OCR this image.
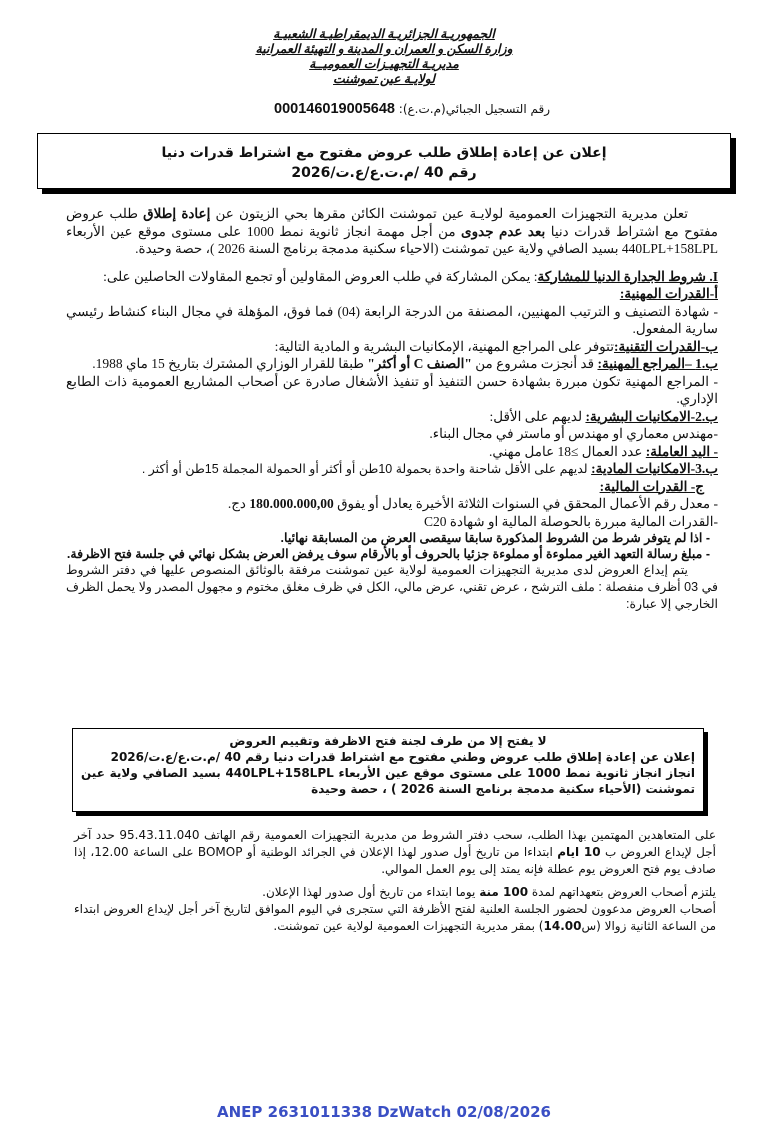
الجمهوريـة الجزائريـة الديمقراطيـة الشعبيـة
وزارة السكن و العمران و المدينة و التهيئة العمرانية
مديريـة التجهيـزات العموميــة
لولايـة عين تموشنت
رقم التسجيل الجبائي(م.ت.ع): 000146019005648
إعلان عن إعادة إطلاق طلب عروض مفتوح مع اشتراط قدرات دنيا
رقم 40 /م.ت.ع/ع.ت/2026

تعلن مديرية التجهيزات العمومية لولايـة عين تموشنت الكائن مقرها بحي الزيتون عن إعادة إطلاق طلب عروض مفتوح مع اشتراط قدرات دنيا بعد عدم جدوى من أجل مهمة انجاز ثانوية نمط 1000 على مستوى موقع عين الأربعاء 440LPL+158LPL بسيد الصافي ولاية عين تموشنت (الاحياء سكنية مدمجة برنامج السنة 2026 )، حصة وحيدة.

I. شروط الجدارة الدنيا للمشاركة: يمكن المشاركة في طلب العروض المقاولين أو تجمع المقاولات الحاصلين على:

أ-القدرات المهنية:

- شهادة التصنيف و الترتيب المهنيين، المصنفة من الدرجة الرابعة (04) فما فوق، المؤهلة في مجال البناء كنشاط رئيسي سارية المفعول.

ب-القدرات التقنية:تتوفر على المراجع المهنية، الإمكانيات البشرية و المادية التالية:

ب.1 –المراجع المهنية: قد أنجزت مشروع من "الصنف C أو أكثر" طبقا للقرار الوزاري المشترك بتاريخ 15 ماي 1988.

- المراجع المهنية تكون مبررة بشهادة حسن التنفيذ أو تنفيذ الأشغال صادرة عن أصحاب المشاريع العمومية ذات الطابع الإداري.

ب.2-الامكانيات البشرية: لديهم على الأقل:

-مهندس معماري او مهندس أو ماستر في مجال البناء.

- اليد العاملة: عدد العمال ≥18 عامل مهني.

ب.3-الامكانيات المادية: لديهم على الأقل شاحنة واحدة بحمولة 10طن أو أكثر أو الحمولة المجملة 15طن أو أكثر .

ج- القدرات المالية:

- معدل رقم الأعمال المحقق في السنوات الثلاثة الأخيرة يعادل أو يفوق 180.000.000,00 دج.

-القدرات المالية مبررة بالحوصلة المالية او شهادة C20

- اذا لم يتوفر شرط من الشروط المذكورة سابقا سيقصى العرض من المسابقة نهائيا.

- مبلغ رسالة التعهد الغير مملوءة أو مملوءة جزئيا بالحروف أو بالأرقام سوف يرفض العرض بشكل نهائي في جلسة فتح الاظرفة.

يتم إيداع العروض لدى مديرية التجهيزات العمومية لولاية عين تموشنت مرفقة بالوثائق المنصوص عليها في دفتر الشروط في 03 أظرف منفصلة : ملف الترشح ، عرض تقني، عرض مالي، الكل في ظرف مغلق مختوم و مجهول المصدر ولا يحمل الظرف الخارجي إلا عبارة:

لا يفتح إلا من طرف لجنة فتح الاظرفة وتقييم العروض
إعلان عن إعادة إطلاق طلب عروض وطني مفتوح مع اشتراط قدرات دنيا رقم 40 /م.ت.ع/ع.ت/2026
انجاز انجاز ثانوية نمط 1000 على مستوى موقع عين الأربعاء 440LPL+158LPL بسيد الصافي ولاية عين تموشنت (الأحياء سكنية مدمجة برنامج السنة 2026 ) ، حصة وحيدة

على المتعاهدين المهتمين بهذا الطلب، سحب دفتر الشروط من مديرية التجهيزات العمومية رقم الهاتف 95.43.11.040 حدد آخر أجل لإيداع العروض ب 10 ايام ابتداءا من تاريخ أول صدور لهذا الإعلان في الجرائد الوطنية أو BOMOP على الساعة 12.00، إذا صادف يوم فتح العروض يوم عطلة فإنه يمتد إلى يوم العمل الموالي.

يلتزم أصحاب العروض بتعهداتهم لمدة 100 منة يوما ابتداء من تاريخ أول صدور لهذا الإعلان.

أصحاب العروض مدعوون لحضور الجلسة العلنية لفتح الأظرفة التي ستجرى في اليوم الموافق لتاريخ آخر أجل لإيداع العروض ابتداء من الساعة الثانية زوالا (س14.00) بمقر مديرية التجهيزات العمومية لولاية عين تموشنت.

ANEP 2631011338 DzWatch 02/08/2026
